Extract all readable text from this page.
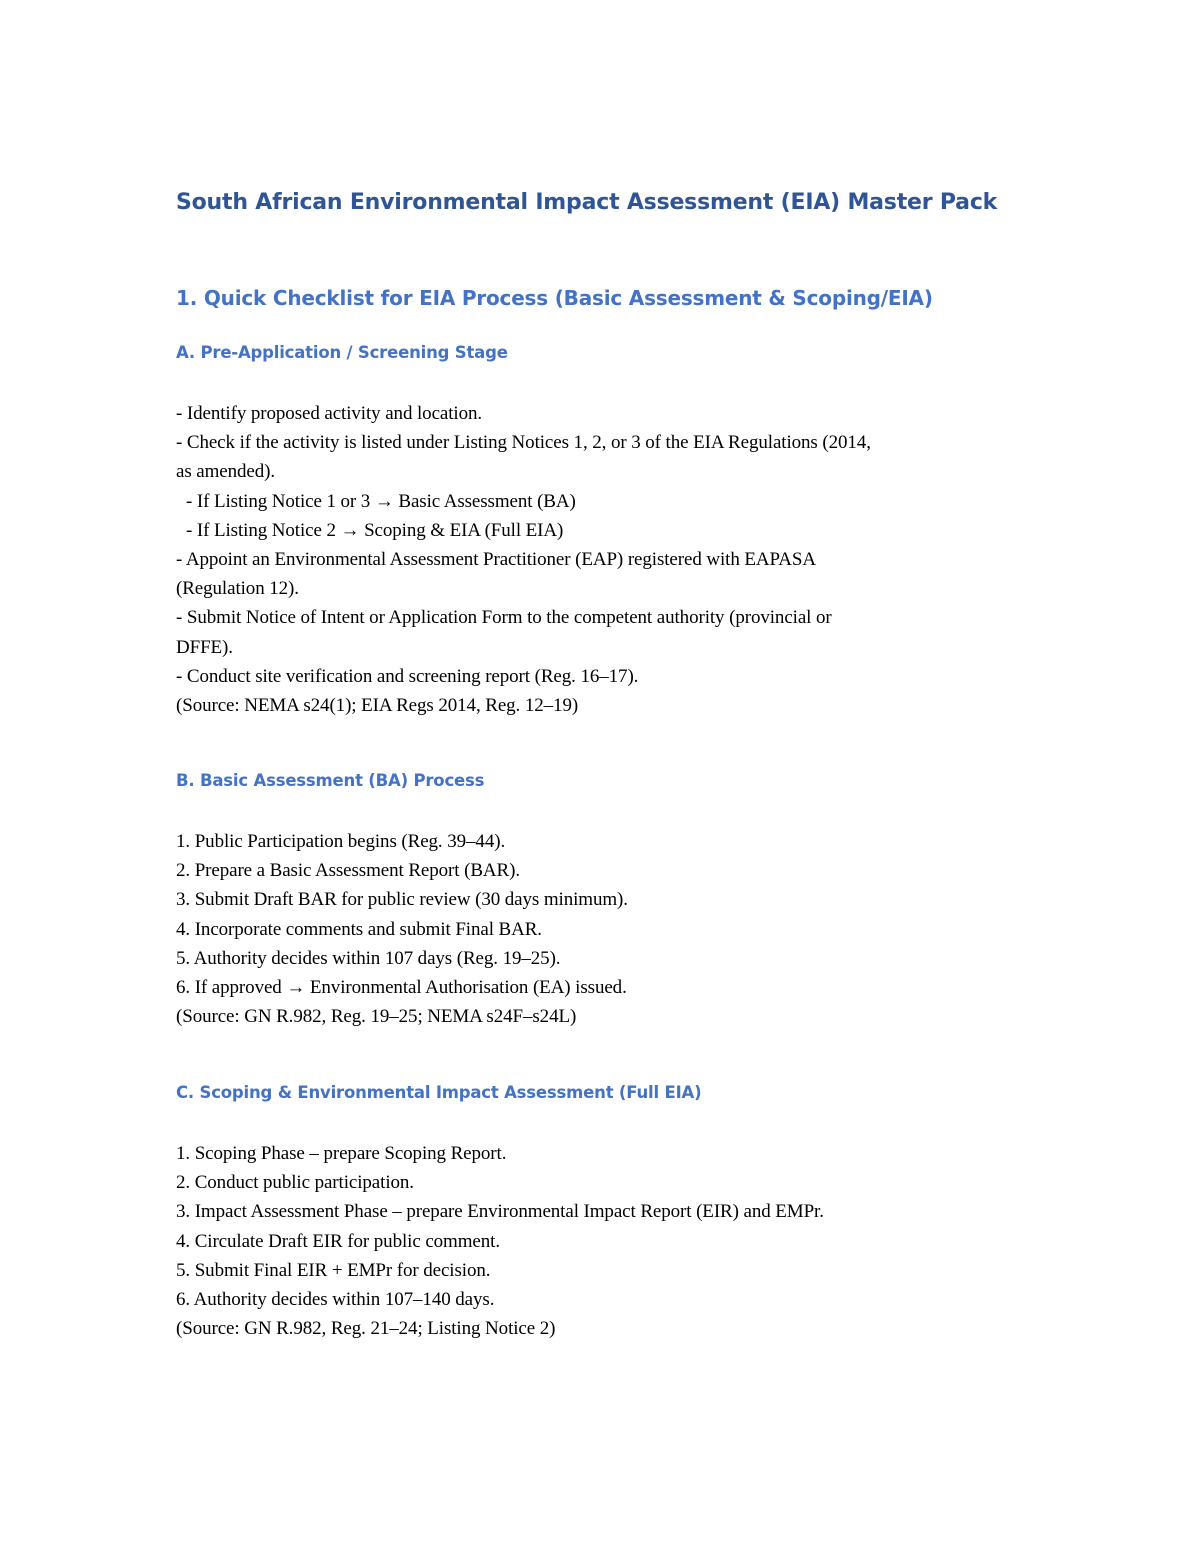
South African Environmental Impact Assessment (EIA) Master Pack
1. Quick Checklist for EIA Process (Basic Assessment & Scoping/EIA)
A. Pre-Application / Screening Stage
- Identify proposed activity and location.
- Check if the activity is listed under Listing Notices 1, 2, or 3 of the EIA Regulations (2014,
as amended).
- If Listing Notice 1 or 3 → Basic Assessment (BA)
- If Listing Notice 2 → Scoping & EIA (Full EIA)
- Appoint an Environmental Assessment Practitioner (EAP) registered with EAPASA
(Regulation 12).
- Submit Notice of Intent or Application Form to the competent authority (provincial or
DFFE).
- Conduct site verification and screening report (Reg. 16–17).
(Source: NEMA s24(1); EIA Regs 2014, Reg. 12–19)
B. Basic Assessment (BA) Process
1. Public Participation begins (Reg. 39–44).
2. Prepare a Basic Assessment Report (BAR).
3. Submit Draft BAR for public review (30 days minimum).
4. Incorporate comments and submit Final BAR.
5. Authority decides within 107 days (Reg. 19–25).
6. If approved → Environmental Authorisation (EA) issued.
(Source: GN R.982, Reg. 19–25; NEMA s24F–s24L)
C. Scoping & Environmental Impact Assessment (Full EIA)
1. Scoping Phase – prepare Scoping Report.
2. Conduct public participation.
3. Impact Assessment Phase – prepare Environmental Impact Report (EIR) and EMPr.
4. Circulate Draft EIR for public comment.
5. Submit Final EIR + EMPr for decision.
6. Authority decides within 107–140 days.
(Source: GN R.982, Reg. 21–24; Listing Notice 2)
